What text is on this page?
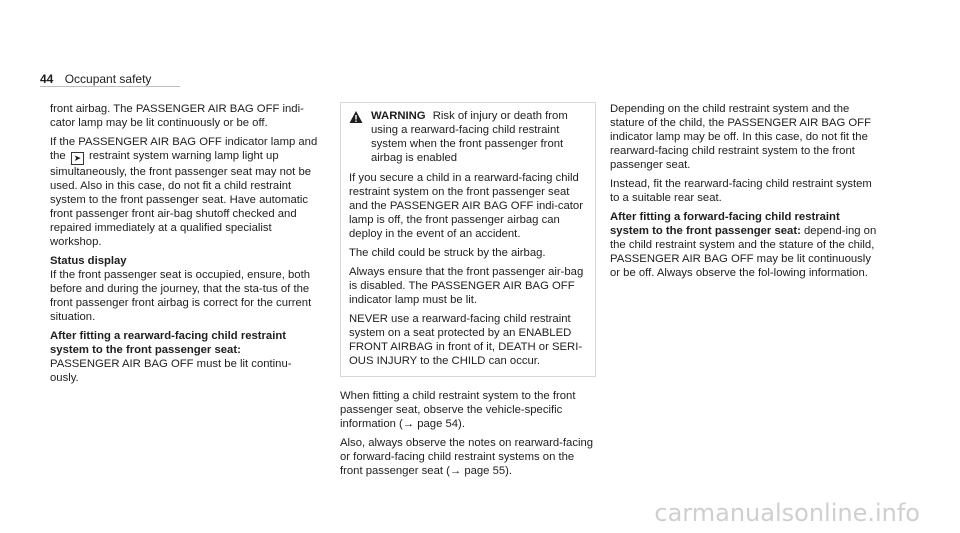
44 Occupant safety

front airbag. The PASSENGER AIR BAG OFF indi-cator lamp may be lit continuously or be off.

If the PASSENGER AIR BAG OFF indicator lamp and the ➤ restraint system warning lamp light up simultaneously, the front passenger seat may not be used. Also in this case, do not fit a child restraint system to the front passenger seat. Have automatic front passenger front air-bag shutoff checked and repaired immediately at a qualified specialist workshop.

Status display

If the front passenger seat is occupied, ensure, both before and during the journey, that the sta-tus of the front passenger front airbag is correct for the current situation.

After fitting a rearward-facing child restraint system to the front passenger seat:

PASSENGER AIR BAG OFF must be lit continu-ously.

WARNING Risk of injury or death from using a rearward-facing child restraint system when the front passenger front airbag is enabled

If you secure a child in a rearward-facing child restraint system on the front passenger seat and the PASSENGER AIR BAG OFF indi-cator lamp is off, the front passenger airbag can deploy in the event of an accident.

The child could be struck by the airbag.

Always ensure that the front passenger air-bag is disabled. The PASSENGER AIR BAG OFF indicator lamp must be lit.

NEVER use a rearward-facing child restraint system on a seat protected by an ENABLED FRONT AIRBAG in front of it, DEATH or SERI-OUS INJURY to the CHILD can occur.

When fitting a child restraint system to the front passenger seat, observe the vehicle-specific information (→ page 54).

Also, always observe the notes on rearward-facing or forward-facing child restraint systems on the front passenger seat (→ page 55).

Depending on the child restraint system and the stature of the child, the PASSENGER AIR BAG OFF indicator lamp may be off. In this case, do not fit the rearward-facing child restraint system to the front passenger seat.

Instead, fit the rearward-facing child restraint system to a suitable rear seat.

After fitting a forward-facing child restraint system to the front passenger seat: depend-ing on the child restraint system and the stature of the child, PASSENGER AIR BAG OFF may be lit continuously or be off. Always observe the fol-lowing information.

carmanualsonline.info
